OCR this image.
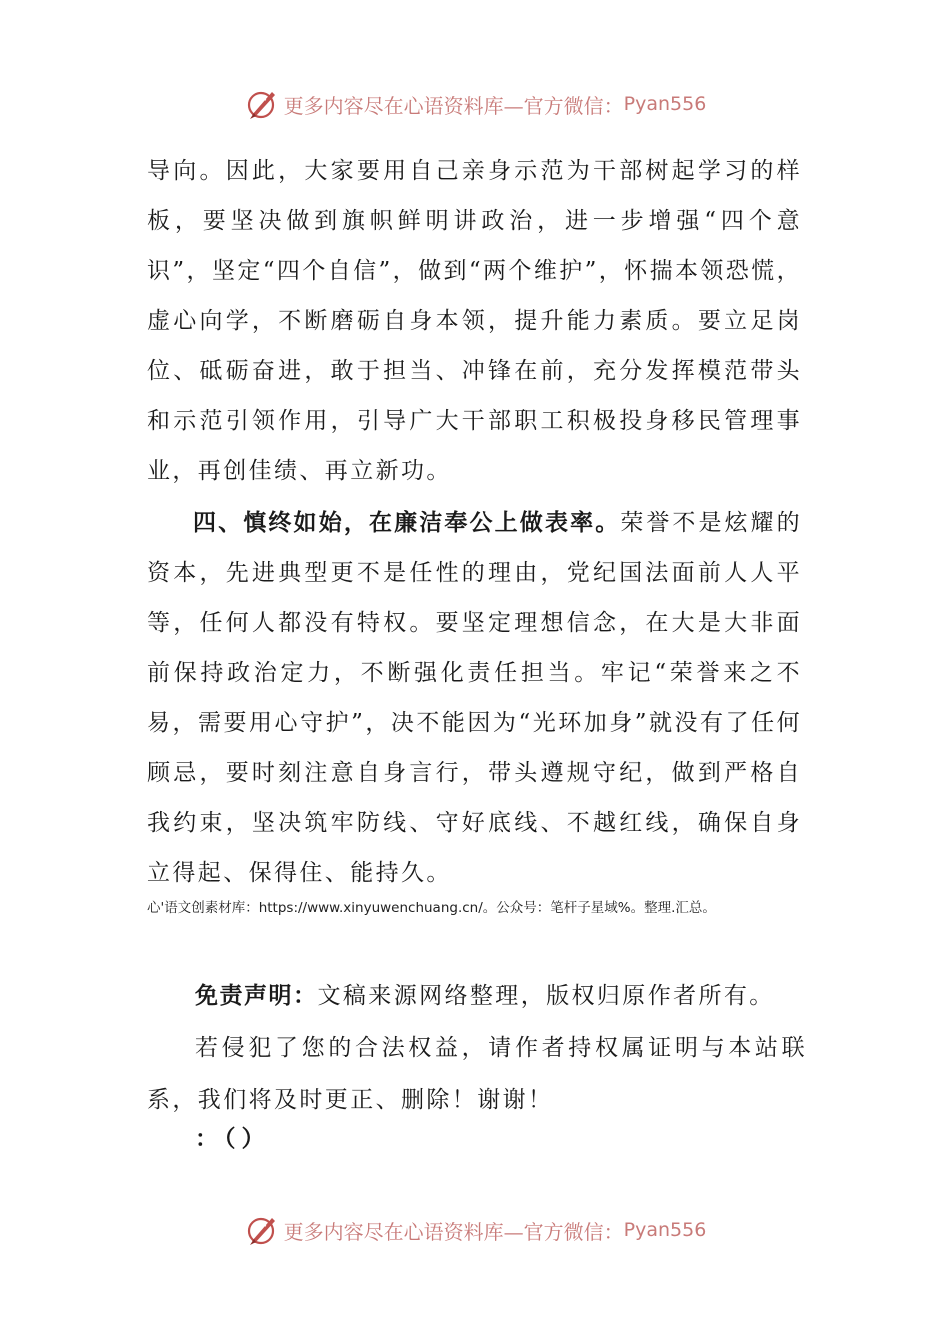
更多内容尽在心语资料库—官方微信： Pyan556

导向。因此，大家要用自己亲身示范为干部树起学习的样板，要坚决做到旗帜鲜明讲政治，进一步增强“四个意识”，坚定“四个自信”，做到“两个维护”，怀揣本领恐慌，虚心向学，不断磨砺自身本领，提升能力素质。要立足岗位、砥砺奋进，敢于担当、冲锋在前，充分发挥模范带头和示范引领作用，引导广大干部职工积极投身移民管理事业，再创佳绩、再立新功。

四、慎终如始，在廉洁奉公上做表率。荣誉不是炫耀的资本，先进典型更不是任性的理由，党纪国法面前人人平等，任何人都没有特权。要坚定理想信念，在大是大非面前保持政治定力，不断强化责任担当。牢记“荣誉来之不易，需要用心守护”，决不能因为“光环加身”就没有了任何顾忌，要时刻注意自身言行，带头遵规守纪，做到严格自我约束，坚决筑牢防线、守好底线、不越红线，确保自身立得起、保得住、能持久。

心'语文创素材库：https://www.xinyuwenchuang.cn/。公众号：笔杆子星域%。整理.汇总。

免责声明：文稿来源网络整理，版权归原作者所有。

若侵犯了您的合法权益，请作者持权属证明与本站联系，我们将及时更正、删除！谢谢！

：（）

更多内容尽在心语资料库—官方微信： Pyan556
